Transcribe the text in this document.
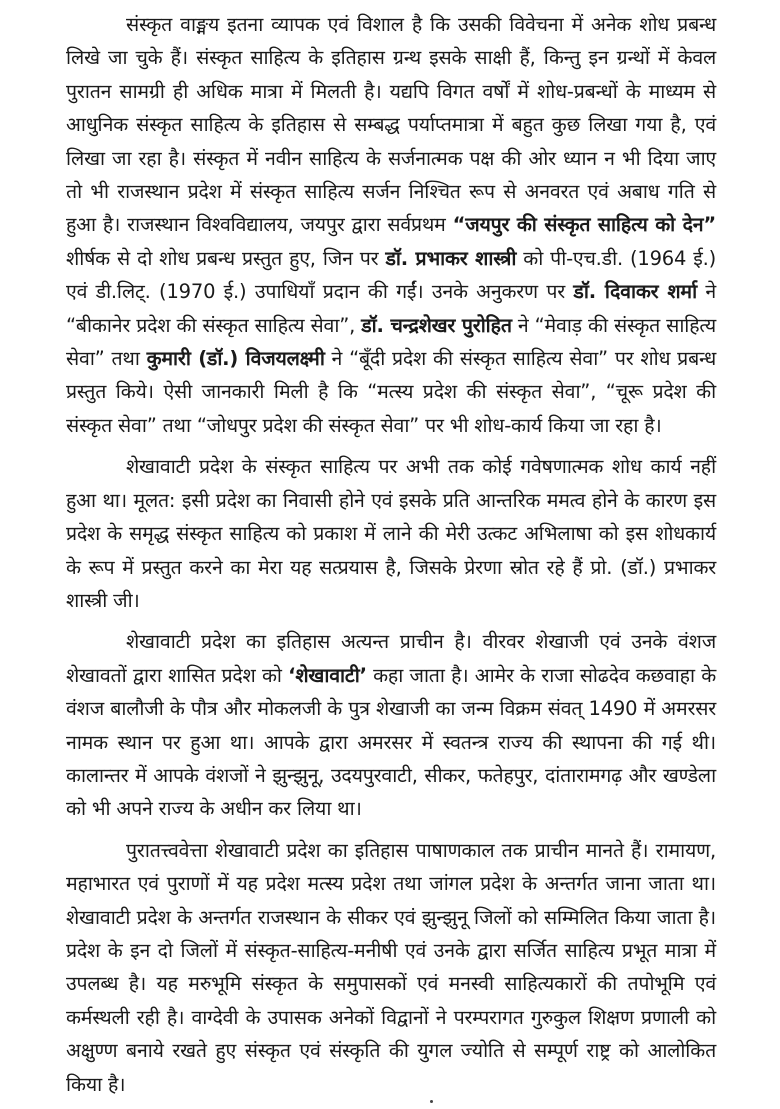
संस्कृत वाङ्मय इतना व्यापक एवं विशाल है कि उसकी विवेचना में अनेक शोध प्रबन्ध लिखे जा चुके हैं। संस्कृत साहित्य के इतिहास ग्रन्थ इसके साक्षी हैं, किन्तु इन ग्रन्थों में केवल पुरातन सामग्री ही अधिक मात्रा में मिलती है। यद्यपि विगत वर्षों में शोध-प्रबन्धों के माध्यम से आधुनिक संस्कृत साहित्य के इतिहास से सम्बद्ध पर्याप्तमात्रा में बहुत कुछ लिखा गया है, एवं लिखा जा रहा है। संस्कृत में नवीन साहित्य के सर्जनात्मक पक्ष की ओर ध्यान न भी दिया जाए तो भी राजस्थान प्रदेश में संस्कृत साहित्य सर्जन निश्चित रूप से अनवरत एवं अबाध गति से हुआ है। राजस्थान विश्वविद्यालय, जयपुर द्वारा सर्वप्रथम “जयपुर की संस्कृत साहित्य को देन” शीर्षक से दो शोध प्रबन्ध प्रस्तुत हुए, जिन पर डॉ. प्रभाकर शास्त्री को पी-एच.डी. (1964 ई.) एवं डी.लिट्. (1970 ई.) उपाधियाँ प्रदान की गईं। उनके अनुकरण पर डॉ. दिवाकर शर्मा ने “बीकानेर प्रदेश की संस्कृत साहित्य सेवा”, डॉ. चन्द्रशेखर पुरोहित ने “मेवाड़ की संस्कृत साहित्य सेवा” तथा कुमारी (डॉ.) विजयलक्ष्मी ने “बूँदी प्रदेश की संस्कृत साहित्य सेवा” पर शोध प्रबन्ध प्रस्तुत किये। ऐसी जानकारी मिली है कि “मत्स्य प्रदेश की संस्कृत सेवा”, “चूरू प्रदेश की संस्कृत सेवा” तथा “जोधपुर प्रदेश की संस्कृत सेवा” पर भी शोध-कार्य किया जा रहा है।

शेखावाटी प्रदेश के संस्कृत साहित्य पर अभी तक कोई गवेषणात्मक शोध कार्य नहीं हुआ था। मूलत: इसी प्रदेश का निवासी होने एवं इसके प्रति आन्तरिक ममत्व होने के कारण इस प्रदेश के समृद्ध संस्कृत साहित्य को प्रकाश में लाने की मेरी उत्कट अभिलाषा को इस शोधकार्य के रूप में प्रस्तुत करने का मेरा यह सत्प्रयास है, जिसके प्रेरणा स्रोत रहे हैं प्रो. (डॉ.) प्रभाकर शास्त्री जी।

शेखावाटी प्रदेश का इतिहास अत्यन्त प्राचीन है। वीरवर शेखाजी एवं उनके वंशज शेखावतों द्वारा शासित प्रदेश को ‘शेखावाटी’ कहा जाता है। आमेर के राजा सोढदेव कछवाहा के वंशज बालौजी के पौत्र और मोकलजी के पुत्र शेखाजी का जन्म विक्रम संवत् 1490 में अमरसर नामक स्थान पर हुआ था। आपके द्वारा अमरसर में स्वतन्त्र राज्य की स्थापना की गई थी। कालान्तर में आपके वंशजों ने झुन्झुनू, उदयपुरवाटी, सीकर, फतेहपुर, दांतारामगढ़ और खण्डेला को भी अपने राज्य के अधीन कर लिया था।

पुरातत्त्ववेत्ता शेखावाटी प्रदेश का इतिहास पाषाणकाल तक प्राचीन मानते हैं। रामायण, महाभारत एवं पुराणों में यह प्रदेश मत्स्य प्रदेश तथा जांगल प्रदेश के अन्तर्गत जाना जाता था। शेखावाटी प्रदेश के अन्तर्गत राजस्थान के सीकर एवं झुन्झुनू जिलों को सम्मिलित किया जाता है। प्रदेश के इन दो जिलों में संस्कृत-साहित्य-मनीषी एवं उनके द्वारा सर्जित साहित्य प्रभूत मात्रा में उपलब्ध है। यह मरुभूमि संस्कृत के समुपासकों एवं मनस्वी साहित्यकारों की तपोभूमि एवं कर्मस्थली रही है। वाग्देवी के उपासक अनेकों विद्वानों ने परम्परागत गुरुकुल शिक्षण प्रणाली को अक्षुण्ण बनाये रखते हुए संस्कृत एवं संस्कृति की युगल ज्योति से सम्पूर्ण राष्ट्र को आलोकित किया है।
